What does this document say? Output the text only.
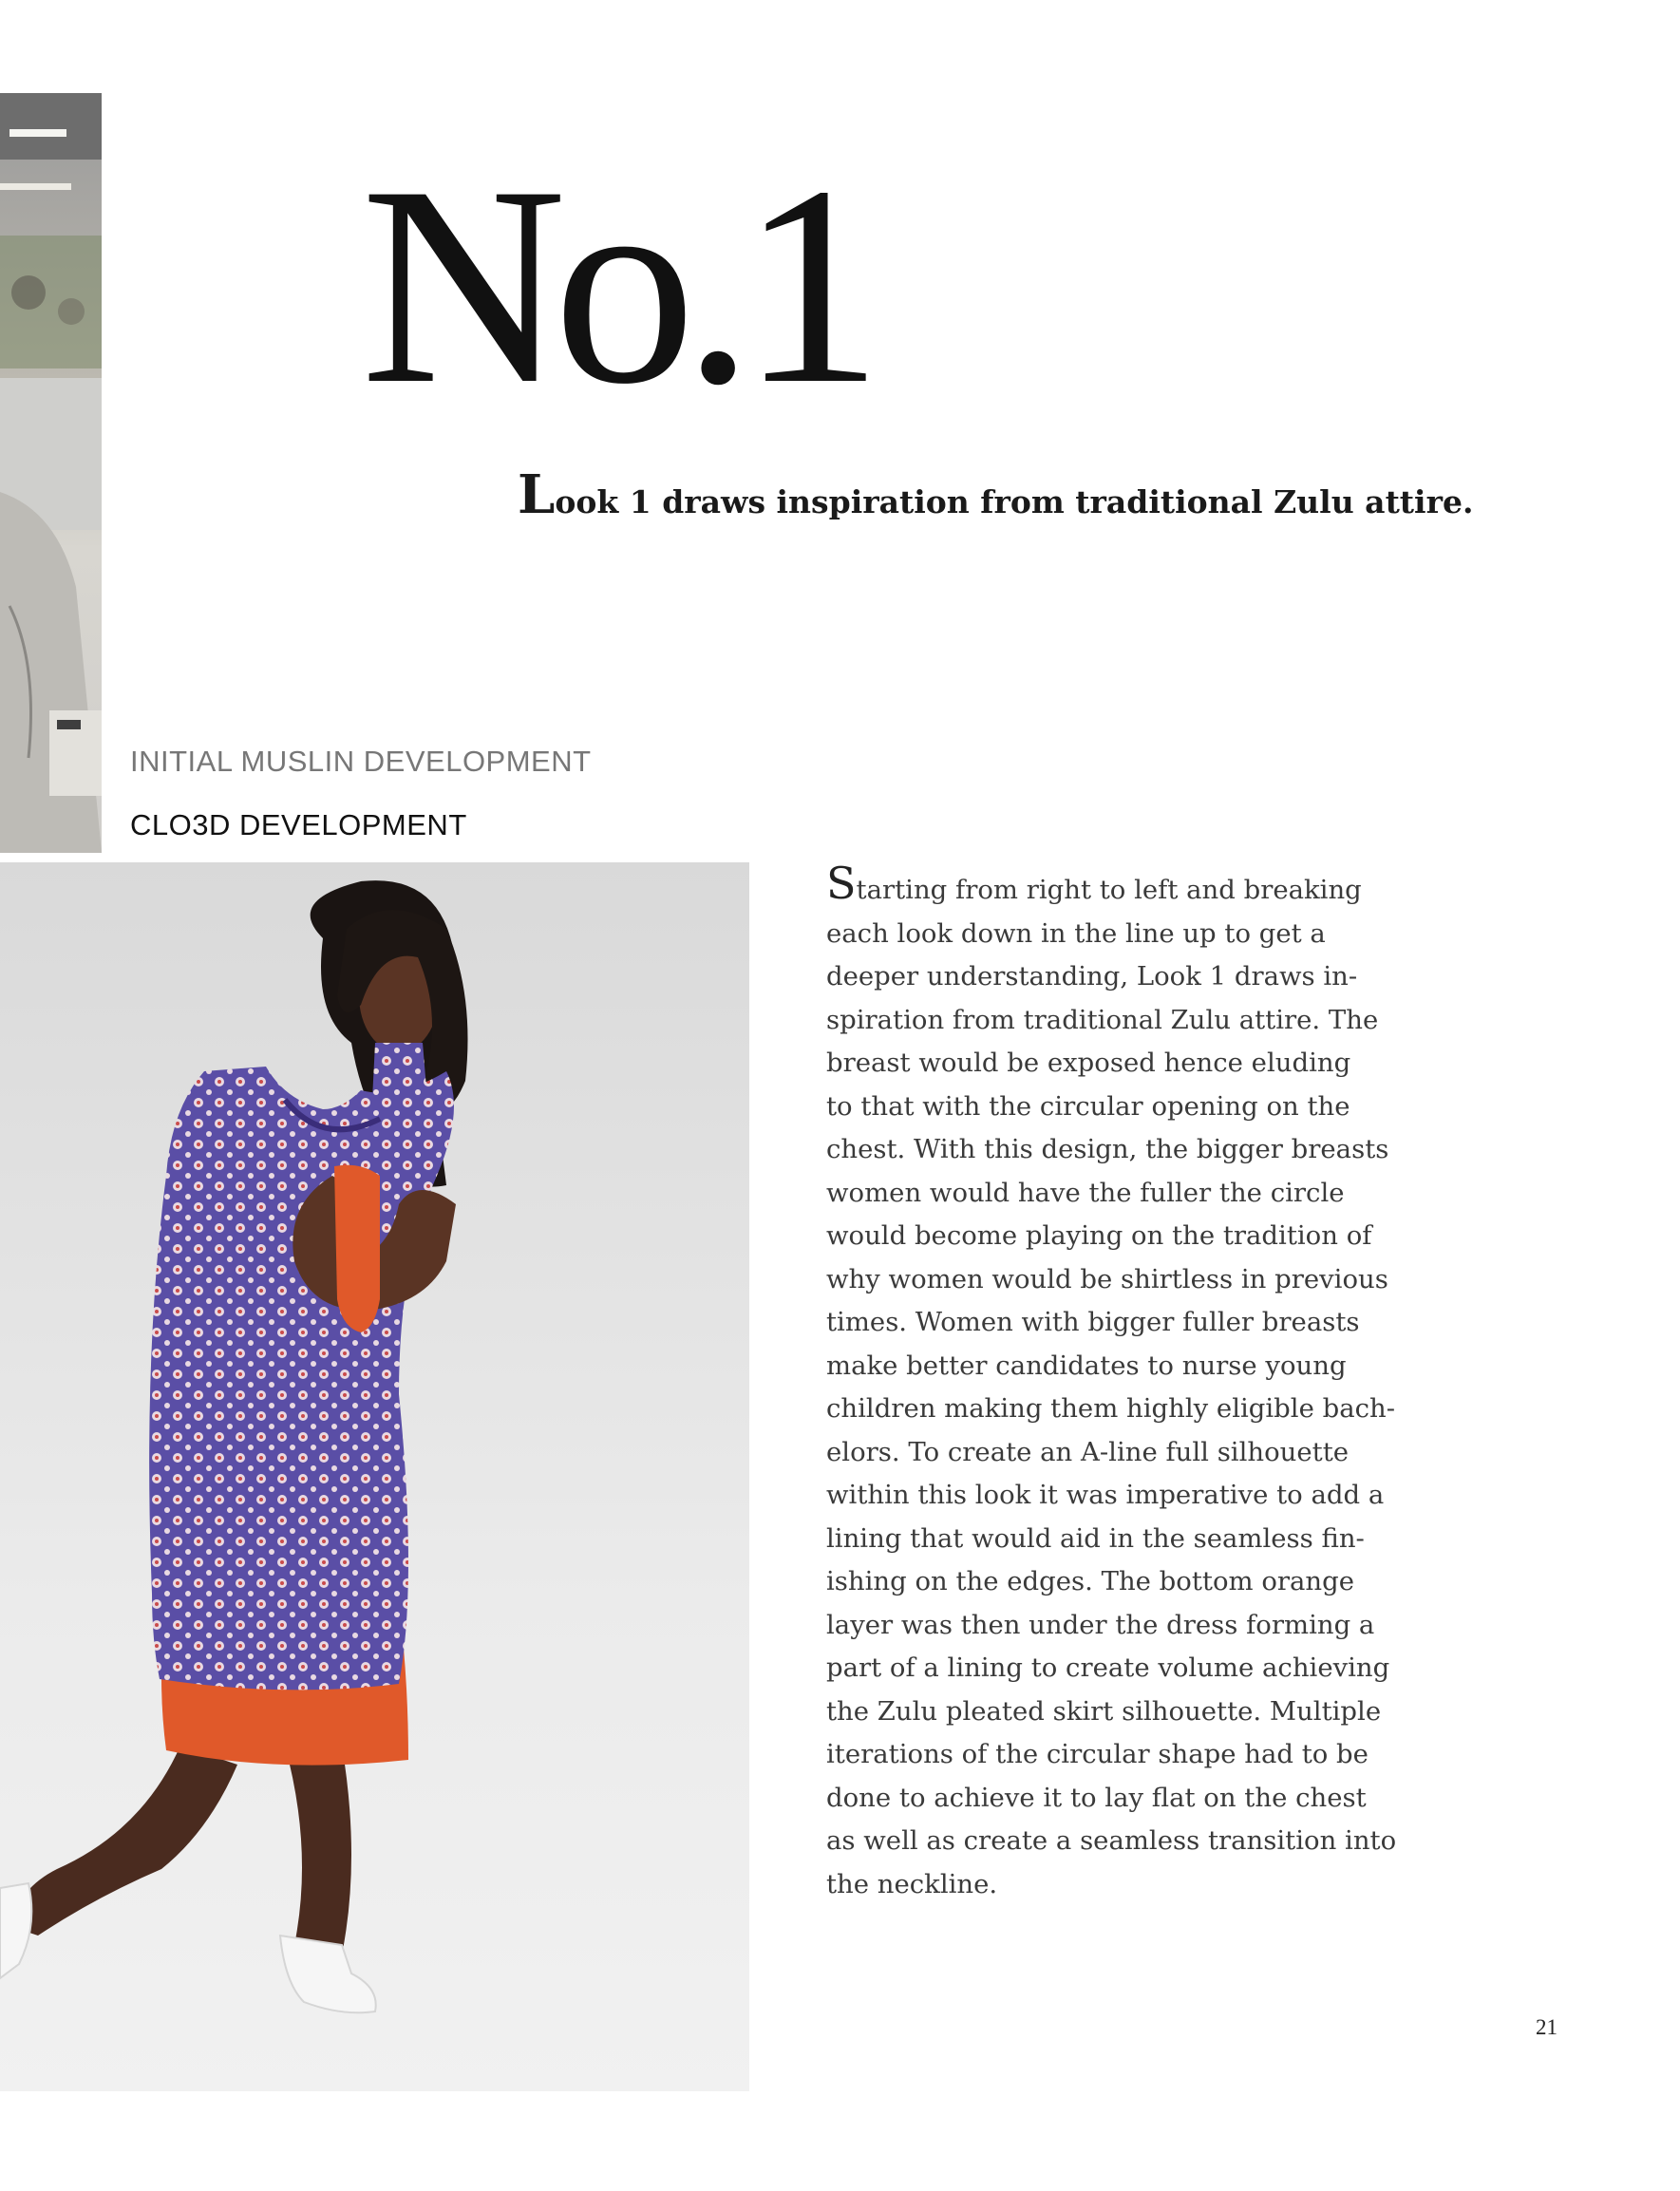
No.1

Look 1 draws inspiration from traditional Zulu attire.

INITIAL MUSLIN DEVELOPMENT

CLO3D DEVELOPMENT

Starting from right to left and breaking
each look down in the line up to get a
deeper understanding, Look 1 draws in-
spiration from traditional Zulu attire. The
breast would be exposed hence eluding
to that with the circular opening on the
chest. With this design, the bigger breasts
women would have the fuller the circle
would become playing on the tradition of
why women would be shirtless in previous
times. Women with bigger fuller breasts
make better candidates to nurse young
children making them highly eligible bach-
elors. To create an A-line full silhouette
within this look it was imperative to add a
lining that would aid in the seamless fin-
ishing on the edges. The bottom orange
layer was then under the dress forming a
part of a lining to create volume achieving
the Zulu pleated skirt silhouette. Multiple
iterations of the circular shape had to be
done to achieve it to lay flat on the chest
as well as create a seamless transition into
the neckline.

21
